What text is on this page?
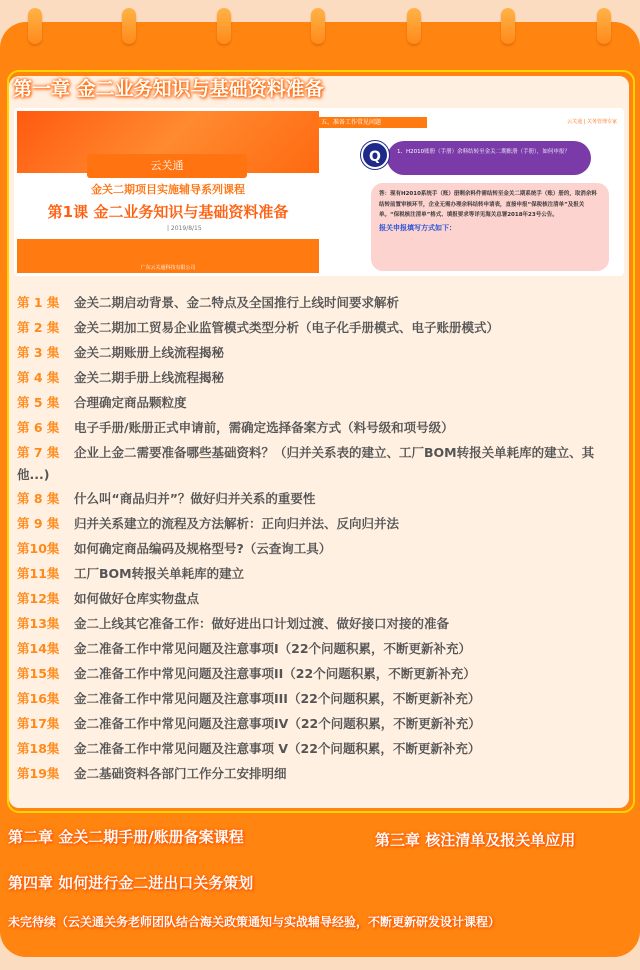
第一章 金二业务知识与基础资料准备
云关通
金关二期项目实施辅导系列课程
第1课 金二业务知识与基础资料准备
| 2019/8/15
广东云关通科技有限公司
五、准备工作常见问题	云关通 | 关务管理专家
1、H2010账册（手册）余料结转至金关二期账册（手册），如何申报？
Q
答：现有H2010系统手（账）册剩余料件需结转至金关二期系统手（账）册的，取消余料结转前置审核环节，企业无需办理余料结转申请表，直接申报“保税核注清单”及报关单。“保税核注清单”格式、填报要求等详见海关总署2018年23号公告。
报关申报填写方式如下：
第 1 集 金关二期启动背景、金二特点及全国推行上线时间要求解析
第 2 集 金关二期加工贸易企业监管模式类型分析（电子化手册模式、电子账册模式）
第 3 集 金关二期账册上线流程揭秘
第 4 集 金关二期手册上线流程揭秘
第 5 集 合理确定商品颗粒度
第 6 集 电子手册/账册正式申请前，需确定选择备案方式（料号级和项号级）
第 7 集 企业上金二需要准备哪些基础资料？（归并关系表的建立、工厂BOM转报关单耗库的建立、其他...)
第 8 集 什么叫“商品归并”？做好归并关系的重要性
第 9 集 归并关系建立的流程及方法解析：正向归并法、反向归并法
第10集 如何确定商品编码及规格型号?（云查询工具）
第11集 工厂BOM转报关单耗库的建立
第12集 如何做好仓库实物盘点
第13集 金二上线其它准备工作：做好进出口计划过渡、做好接口对接的准备
第14集 金二准备工作中常见问题及注意事项I（22个问题积累，不断更新补充）
第15集 金二准备工作中常见问题及注意事项II（22个问题积累，不断更新补充）
第16集 金二准备工作中常见问题及注意事项III（22个问题积累，不断更新补充）
第17集 金二准备工作中常见问题及注意事项IV（22个问题积累，不断更新补充）
第18集 金二准备工作中常见问题及注意事项 V（22个问题积累，不断更新补充）
第19集 金二基础资料各部门工作分工安排明细
第二章 金关二期手册/账册备案课程	第三章 核注清单及报关单应用
第四章 如何进行金二进出口关务策划
未完待续（云关通关务老师团队结合海关政策通知与实战辅导经验，不断更新研发设计课程）
